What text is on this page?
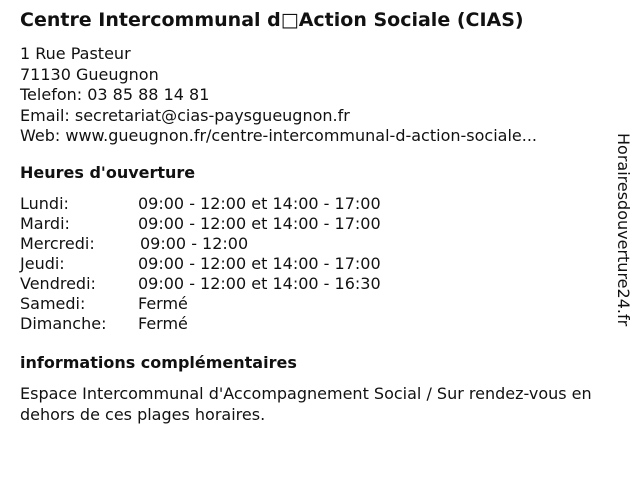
Centre Intercommunal d□Action Sociale (CIAS)
1 Rue Pasteur
71130 Gueugnon
Telefon: 03 85 88 14 81
Email: secretariat@cias-paysgueugnon.fr
Web: www.gueugnon.fr/centre-intercommunal-d-action-sociale...
Heures d'ouverture
Lundi:	09:00 - 12:00 et 14:00 - 17:00
Mardi:	09:00 - 12:00 et 14:00 - 17:00
Mercredi:	09:00 - 12:00
Jeudi:	09:00 - 12:00 et 14:00 - 17:00
Vendredi:	09:00 - 12:00 et 14:00 - 16:30
Samedi:	Fermé
Dimanche: Fermé
informations complémentaires
Espace Intercommunal d'Accompagnement Social / Sur rendez-vous en dehors de ces plages horaires.
Horairesdouverture24.fr
